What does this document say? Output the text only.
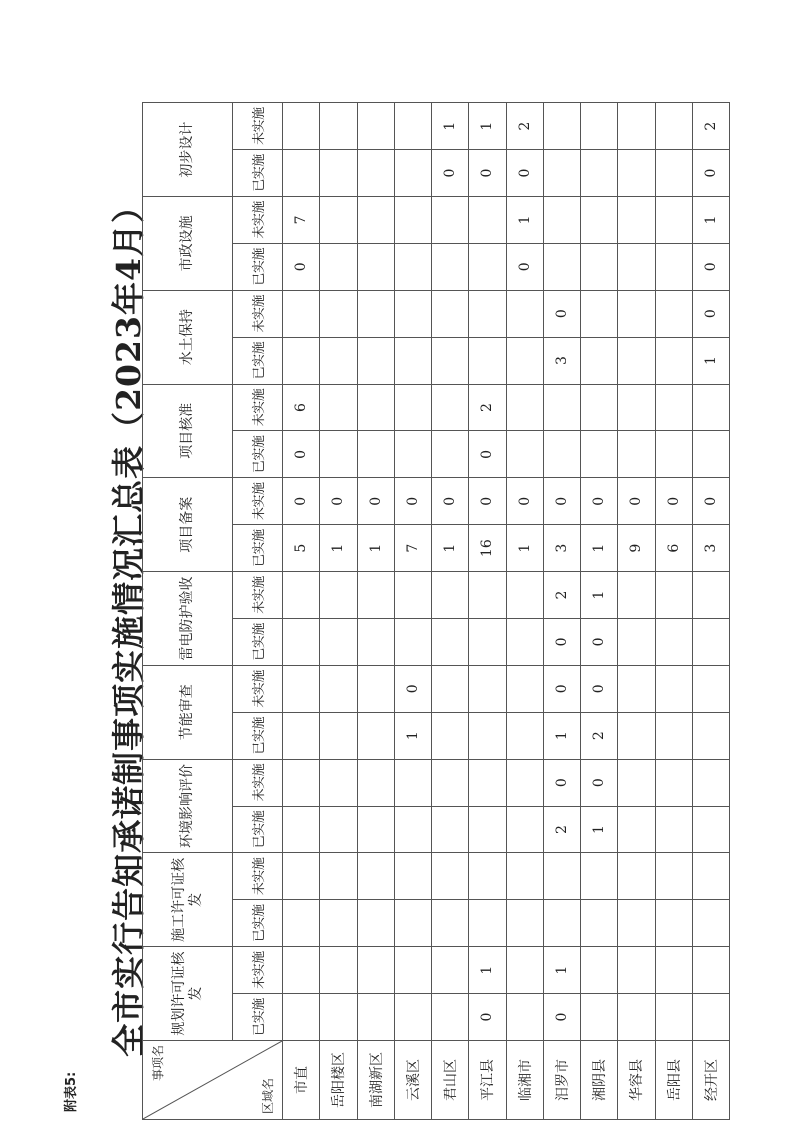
附表5:
全市实行告知承诺制事项实施情况汇总表（2023年4月）
事项名
区域名	规划许可证核发		施工许可证核发		环境影响评价		节能审查		雷电防护验收		项目备案		项目核准		水土保持		市政设施		初步设计	
	已实施	未实施	已实施	未实施	已实施	未实施	已实施	未实施	已实施	未实施	已实施	未实施	已实施	未实施	已实施	未实施	已实施	未实施	已实施	未实施
市直											5	0	0	6			0	7		
岳阳楼区											1	0								
南湖新区											1	0								
云溪区							1	0			7	0								
君山区											1	0							0	1
平江县	0	1									16	0	0	2					0	1
临湘市											1	0					0	1	0	2
汨罗市	0	1			2	0	1	0	0	2	3	0			3	0				
湘阴县					1	0	2	0	0	1	1	0								
华容县											9	0								
岳阳县											6	0								
经开区											3	0			1	0	0	1	0	2
